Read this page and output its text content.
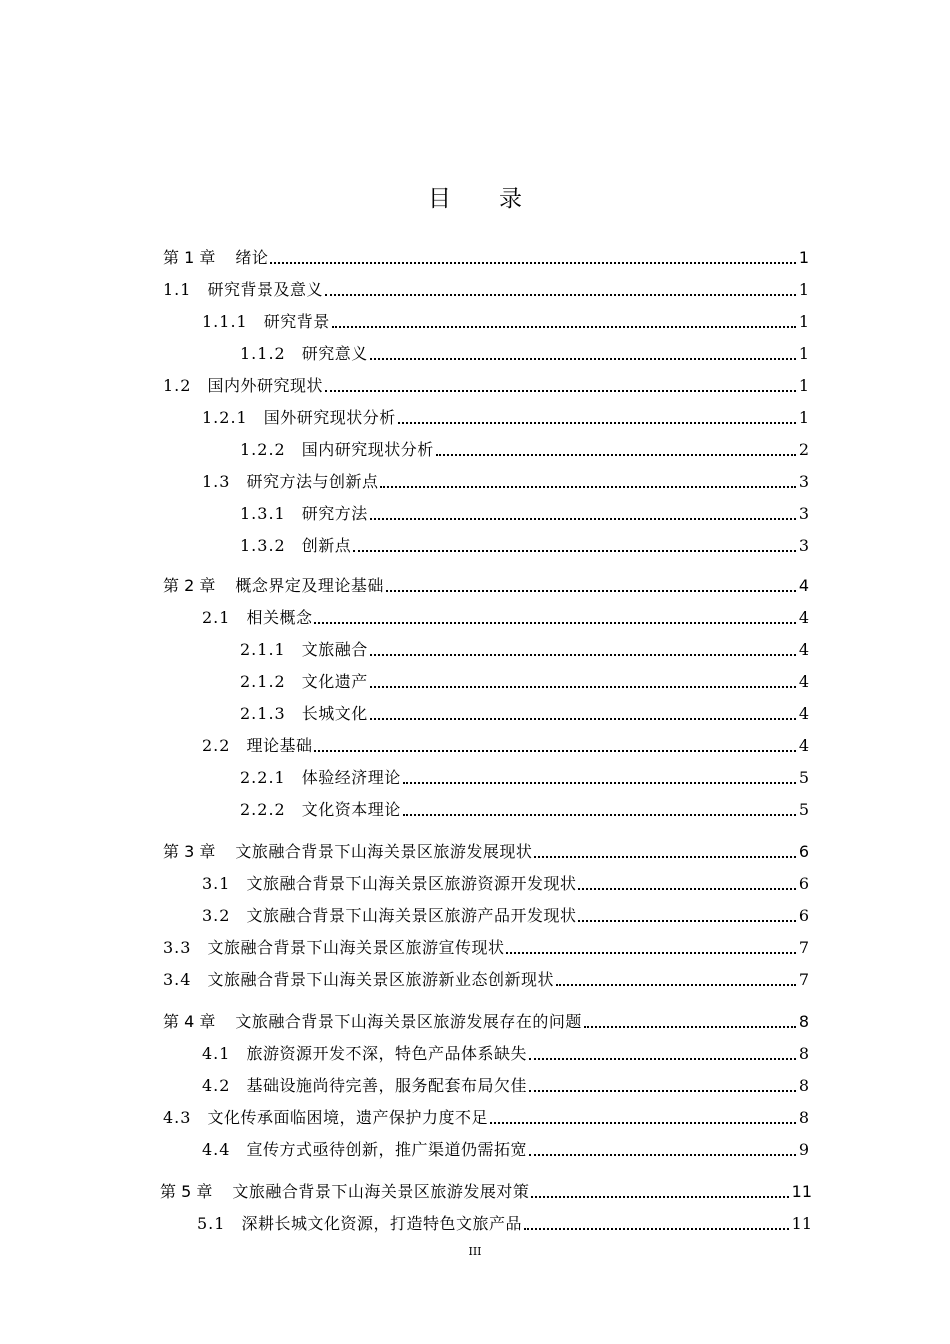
目 录
第 1 章 绪论	1
1.1 研究背景及意义	1
1.1.1 研究背景	1
1.1.2 研究意义	1
1.2 国内外研究现状	1
1.2.1 国外研究现状分析	1
1.2.2 国内研究现状分析	2
1.3 研究方法与创新点	3
1.3.1 研究方法	3
1.3.2 创新点	3
第 2 章 概念界定及理论基础	4
2.1 相关概念	4
2.1.1 文旅融合	4
2.1.2 文化遗产	4
2.1.3 长城文化	4
2.2 理论基础	4
2.2.1 体验经济理论	5
2.2.2 文化资本理论	5
第 3 章 文旅融合背景下山海关景区旅游发展现状	6
3.1 文旅融合背景下山海关景区旅游资源开发现状	6
3.2 文旅融合背景下山海关景区旅游产品开发现状	6
3.3 文旅融合背景下山海关景区旅游宣传现状	7
3.4 文旅融合背景下山海关景区旅游新业态创新现状	7
第 4 章 文旅融合背景下山海关景区旅游发展存在的问题	8
4.1 旅游资源开发不深，特色产品体系缺失	8
4.2 基础设施尚待完善，服务配套布局欠佳	8
4.3 文化传承面临困境，遗产保护力度不足	8
4.4 宣传方式亟待创新，推广渠道仍需拓宽	9
第 5 章 文旅融合背景下山海关景区旅游发展对策	11
5.1 深耕长城文化资源，打造特色文旅产品	11
III
